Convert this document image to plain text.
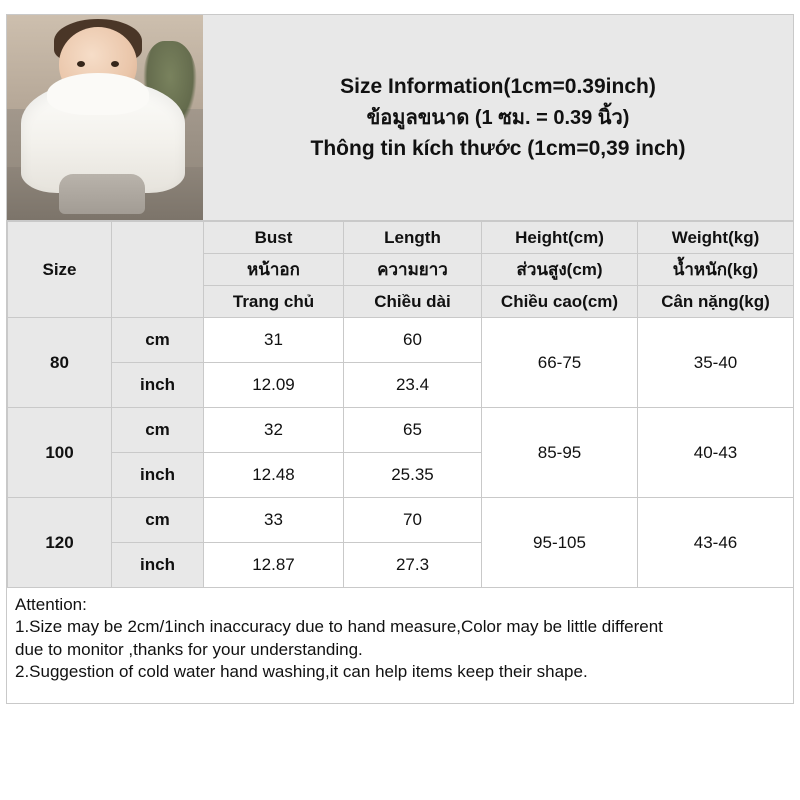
Size Information(1cm=0.39inch)
ข้อมูลขนาด (1 ซม. = 0.39 นิ้ว)
Thông tin kích thước (1cm=0,39 inch)
Size		Bust	Length	Height(cm)	Weight(kg)
		หน้าอก	ความยาว	ส่วนสูง(cm)	น้ำหนัก(kg)
		Trang chủ	Chiều dài	Chiều cao(cm)	Cân nặng(kg)
80	cm	31	60	66-75	35-40
	inch	12.09	23.4		
100	cm	32	65	85-95	40-43
	inch	12.48	25.35		
120	cm	33	70	95-105	43-46
	inch	12.87	27.3		
Attention:
1.Size may be 2cm/1inch inaccuracy due to hand measure,Color may be little different
due to monitor ,thanks for your understanding.
2.Suggestion of cold water hand washing,it can help items keep their shape.
